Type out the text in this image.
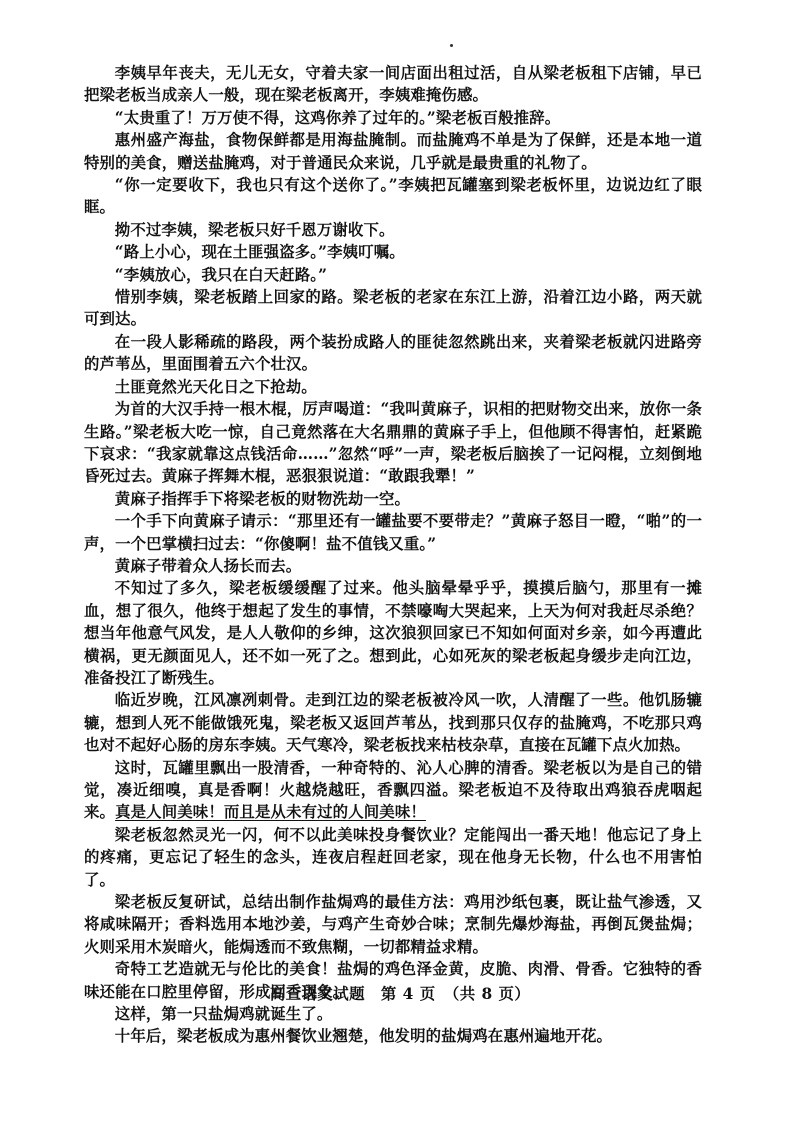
李姨早年丧夫，无儿无女，守着夫家一间店面出租过活，自从梁老板租下店铺，早已把梁老板当成亲人一般，现在梁老板离开，李姨难掩伤感。

“太贵重了！万万使不得，这鸡你养了过年的。”梁老板百般推辞。

惠州盛产海盐，食物保鲜都是用海盐腌制。而盐腌鸡不单是为了保鲜，还是本地一道特别的美食，赠送盐腌鸡，对于普通民众来说，几乎就是最贵重的礼物了。

“你一定要收下，我也只有这个送你了。”李姨把瓦罐塞到梁老板怀里，边说边红了眼眶。

拗不过李姨，梁老板只好千恩万谢收下。

“路上小心，现在土匪强盗多。”李姨叮嘱。

“李姨放心，我只在白天赶路。”

惜别李姨，梁老板踏上回家的路。梁老板的老家在东江上游，沿着江边小路，两天就可到达。

在一段人影稀疏的路段，两个装扮成路人的匪徒忽然跳出来，夹着梁老板就闪进路旁的芦苇丛，里面围着五六个壮汉。

土匪竟然光天化日之下抢劫。

为首的大汉手持一根木棍，厉声喝道：“我叫黄麻子，识相的把财物交出来，放你一条生路。”梁老板大吃一惊，自己竟然落在大名鼎鼎的黄麻子手上，但他顾不得害怕，赶紧跪下哀求：“我家就靠这点钱活命……”忽然“呼”一声，梁老板后脑挨了一记闷棍，立刻倒地昏死过去。黄麻子挥舞木棍，恶狠狠说道：“敢跟我犟！”

黄麻子指挥手下将梁老板的财物洗劫一空。

一个手下向黄麻子请示：“那里还有一罐盐要不要带走？”黄麻子怒目一瞪，“啪”的一声，一个巴掌横扫过去：“你傻啊！盐不值钱又重。”

黄麻子带着众人扬长而去。

不知过了多久，梁老板缓缓醒了过来。他头脑晕晕乎乎，摸摸后脑勺，那里有一摊血，想了很久，他终于想起了发生的事情，不禁嚎啕大哭起来，上天为何对我赶尽杀绝？想当年他意气风发，是人人敬仰的乡绅，这次狼狈回家已不知如何面对乡亲，如今再遭此横祸，更无颜面见人，还不如一死了之。想到此，心如死灰的梁老板起身缓步走向江边，准备投江了断残生。

临近岁晚，江风凛冽刺骨。走到江边的梁老板被冷风一吹，人清醒了一些。他饥肠辘辘，想到人死不能做饿死鬼，梁老板又返回芦苇丛，找到那只仅存的盐腌鸡，不吃那只鸡也对不起好心肠的房东李姨。天气寒冷，梁老板找来枯枝杂草，直接在瓦罐下点火加热。

这时，瓦罐里飘出一股清香，一种奇特的、沁人心脾的清香。梁老板以为是自己的错觉，凑近细嗅，真是香啊！火越烧越旺，香飘四溢。梁老板迫不及待取出鸡狼吞虎咽起来。真是人间美味！而且是从未有过的人间美味！

梁老板忽然灵光一闪，何不以此美味投身餐饮业？定能闯出一番天地！他忘记了身上的疼痛，更忘记了轻生的念头，连夜启程赶回老家，现在他身无长物，什么也不用害怕了。

梁老板反复研试，总结出制作盐焗鸡的最佳方法：鸡用沙纸包裹，既让盐气渗透，又将咸味隔开；香料选用本地沙姜，与鸡产生奇妙合味；烹制先爆炒海盐，再倒瓦煲盐焗；火则采用木炭暗火，能焗透而不致焦糊，一切都精益求精。

奇特工艺造就无与伦比的美食！盐焗的鸡色泽金黄，皮脆、肉滑、骨香。它独特的香味还能在口腔里停留，形成回香现象。

这样，第一只盐焗鸡就诞生了。

十年后，梁老板成为惠州餐饮业翘楚，他发明的盐焗鸡在惠州遍地开花。

高三语文试题　第 4 页　（共 8 页）
